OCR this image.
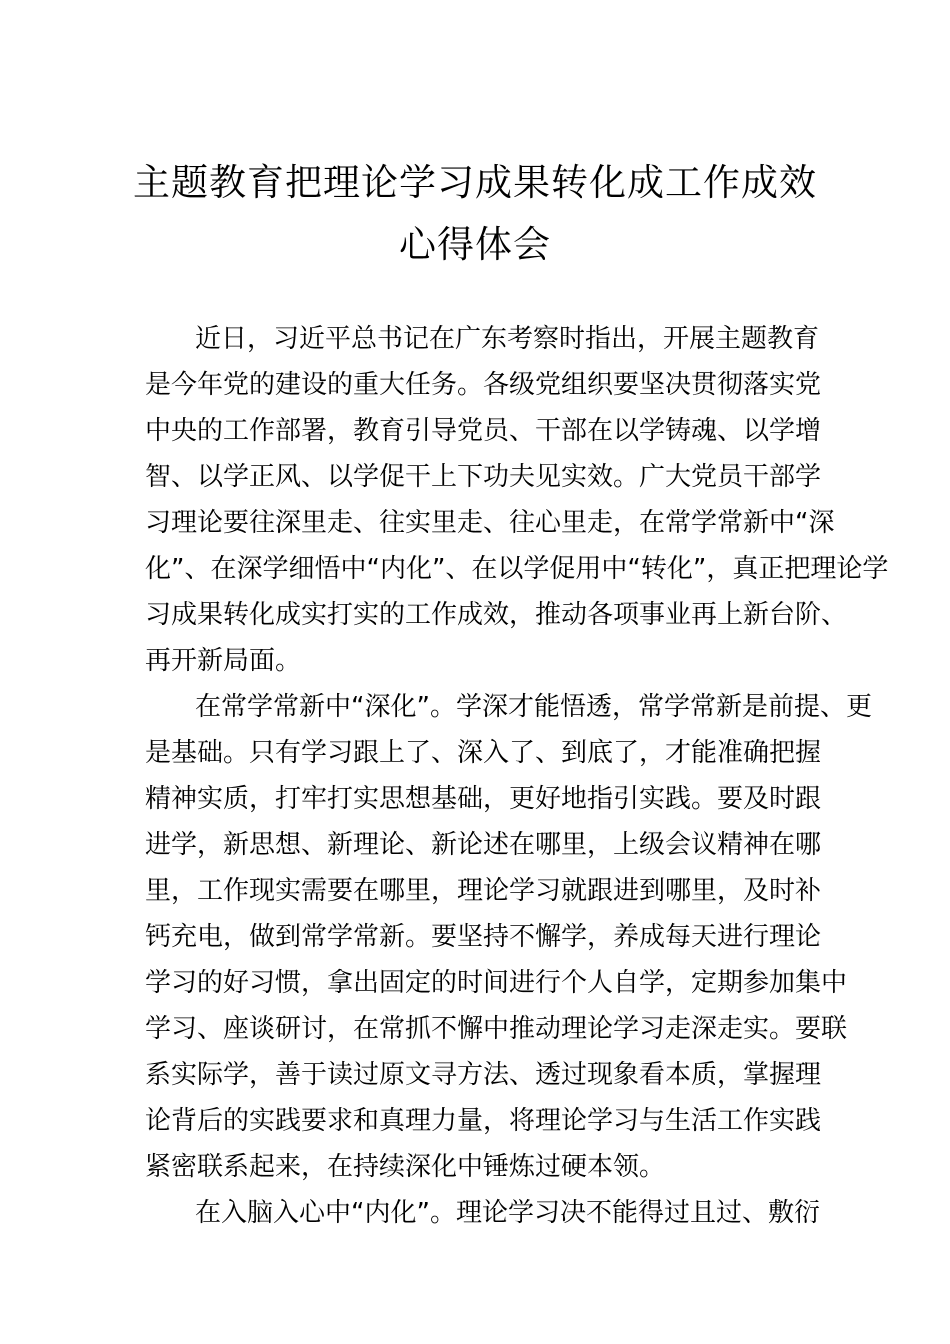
主题教育把理论学习成果转化成工作成效
心得体会
近日，习近平总书记在广东考察时指出，开展主题教育
是今年党的建设的重大任务。各级党组织要坚决贯彻落实党
中央的工作部署，教育引导党员、干部在以学铸魂、以学增
智、以学正风、以学促干上下功夫见实效。广大党员干部学
习理论要往深里走、往实里走、往心里走，在常学常新中“深
化”、在深学细悟中“内化”、在以学促用中“转化”，真正把理论学
习成果转化成实打实的工作成效，推动各项事业再上新台阶、
再开新局面。
在常学常新中“深化”。学深才能悟透，常学常新是前提、更
是基础。只有学习跟上了、深入了、到底了，才能准确把握
精神实质，打牢打实思想基础，更好地指引实践。要及时跟
进学，新思想、新理论、新论述在哪里，上级会议精神在哪
里，工作现实需要在哪里，理论学习就跟进到哪里，及时补
钙充电，做到常学常新。要坚持不懈学，养成每天进行理论
学习的好习惯，拿出固定的时间进行个人自学，定期参加集中
学习、座谈研讨，在常抓不懈中推动理论学习走深走实。要联
系实际学，善于读过原文寻方法、透过现象看本质，掌握理
论背后的实践要求和真理力量，将理论学习与生活工作实践
紧密联系起来，在持续深化中锤炼过硬本领。
在入脑入心中“内化”。理论学习决不能得过且过、敷衍
